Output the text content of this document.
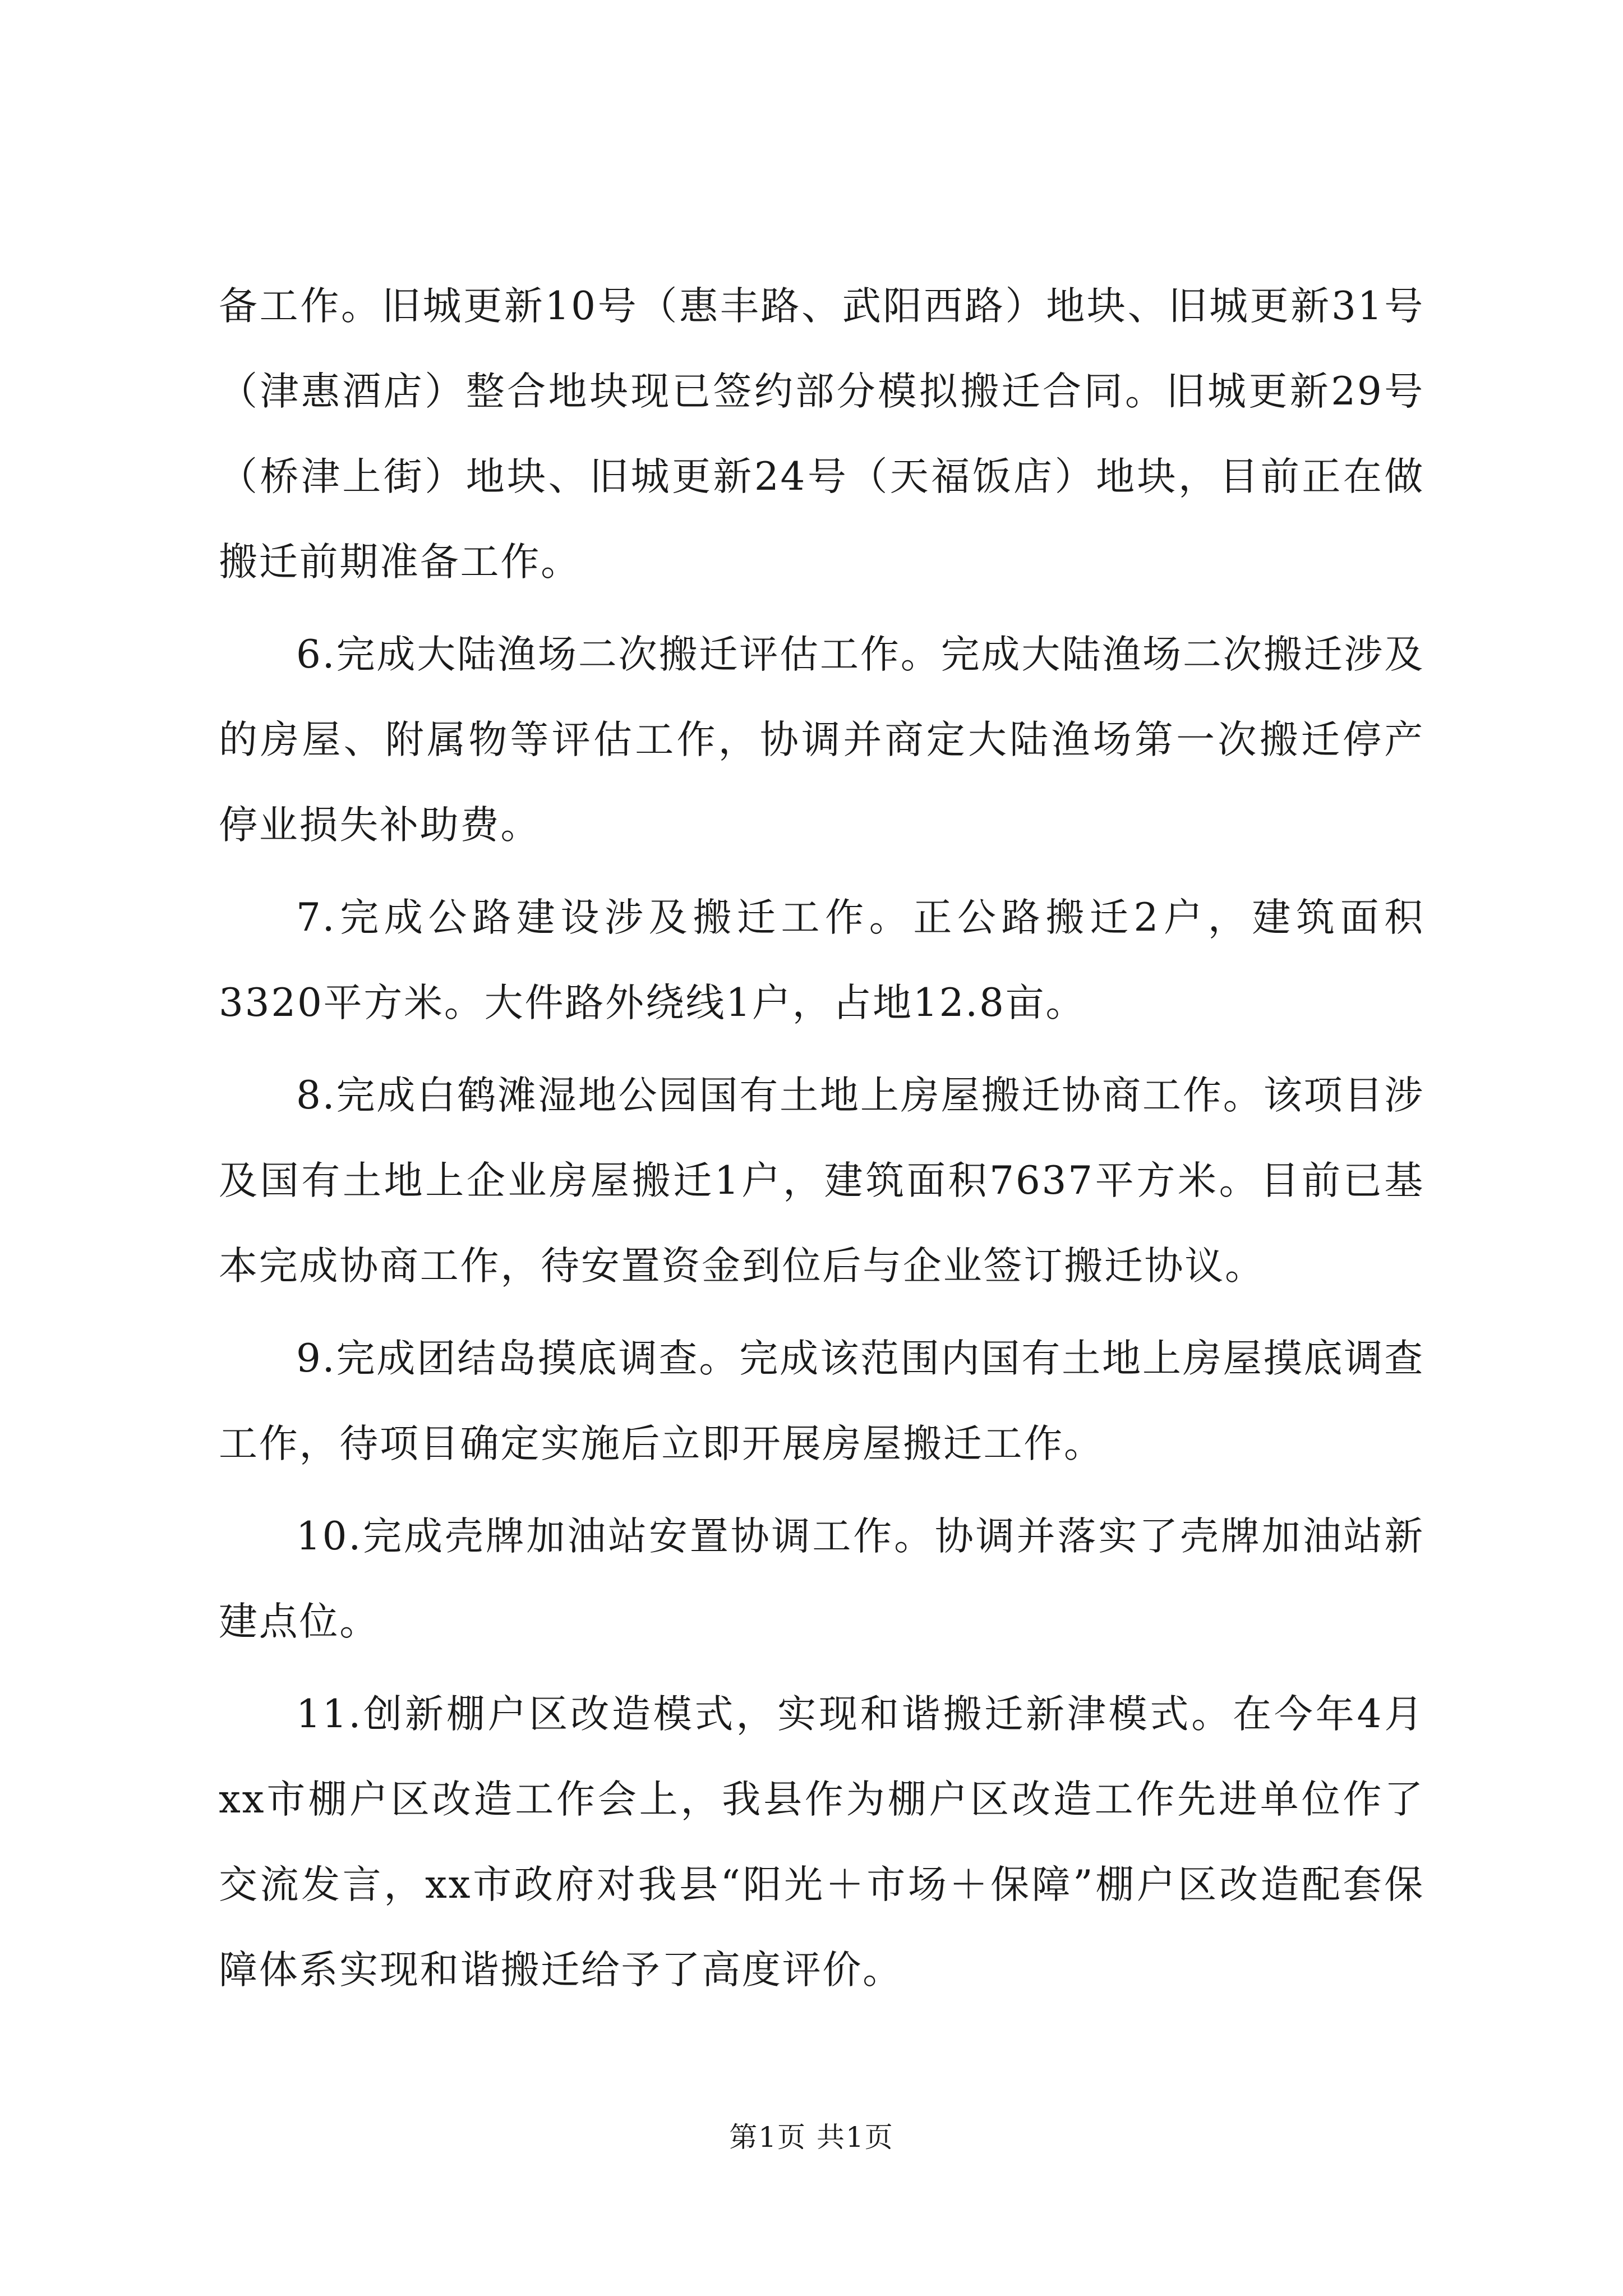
备工作。旧城更新10号（惠丰路、武阳西路）地块、旧城更新31号（津惠酒店）整合地块现已签约部分模拟搬迁合同。旧城更新29号（桥津上街）地块、旧城更新24号（天福饭店）地块，目前正在做搬迁前期准备工作。

6.完成大陆渔场二次搬迁评估工作。完成大陆渔场二次搬迁涉及的房屋、附属物等评估工作，协调并商定大陆渔场第一次搬迁停产停业损失补助费。

7.完成公路建设涉及搬迁工作。正公路搬迁2户，建筑面积3320平方米。大件路外绕线1户，占地12.8亩。

8.完成白鹤滩湿地公园国有土地上房屋搬迁协商工作。该项目涉及国有土地上企业房屋搬迁1户，建筑面积7637平方米。目前已基本完成协商工作，待安置资金到位后与企业签订搬迁协议。

9.完成团结岛摸底调查。完成该范围内国有土地上房屋摸底调查工作，待项目确定实施后立即开展房屋搬迁工作。

10.完成壳牌加油站安置协调工作。协调并落实了壳牌加油站新建点位。

11.创新棚户区改造模式，实现和谐搬迁新津模式。在今年4月xx市棚户区改造工作会上，我县作为棚户区改造工作先进单位作了交流发言，xx市政府对我县“阳光＋市场＋保障”棚户区改造配套保障体系实现和谐搬迁给予了高度评价。

第1页 共1页
